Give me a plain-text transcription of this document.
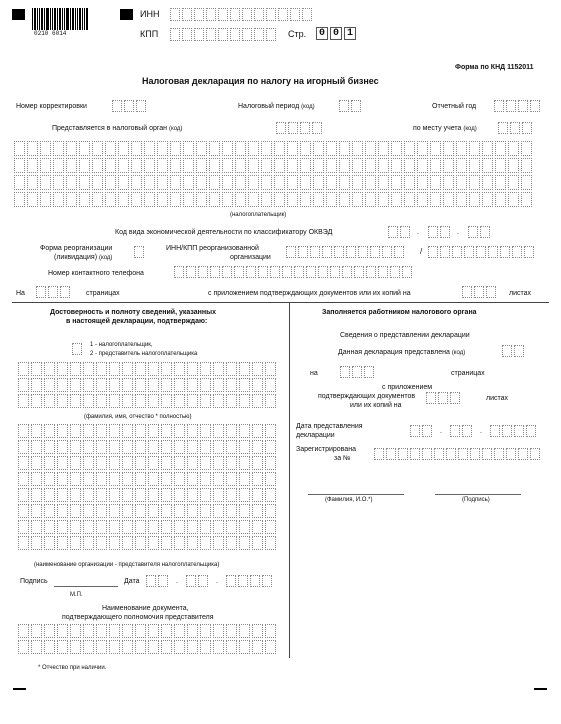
0210 6014
ИНН
КПП	Стр. 0 0 1
Форма по КНД 1152011
Налоговая декларация по налогу на игорный бизнес
Номер корректировки	Налоговый период (код)	Отчетный год
Представляется в налоговый орган (код)	по месту учета (код)
(налогоплательщик)
Код вида экономической деятельности по классификатору ОКВЭД	.	.
Форма реорганизации
(ликвидация) (код)
ИНН/КПП реорганизованной
организации
/
Номер контактного телефона
На	страницах	с приложением подтверждающих документов или их копий на	листах
Достоверность и полноту сведений, указанных
в настоящей декларации, подтверждаю:
1 - налогоплательщик,
2 - представитель налогоплательщика
(фамилия, имя, отчество * полностью)
(наименование организации - представителя налогоплательщика)
Подпись	Дата	.	.
М.П.
Наименование документа,
подтверждающего полномочия представителя
Заполняется работником налогового органа
Сведения о представлении декларации
Данная декларация представлена (код)
на	страницах
с приложением
подтверждающих документов
или их копий на
листах
Дата представления
декларации
.	.
Зарегистрирована
за №
(Фамилия, И.О.*)	(Подпись)
* Отчество при наличии.
